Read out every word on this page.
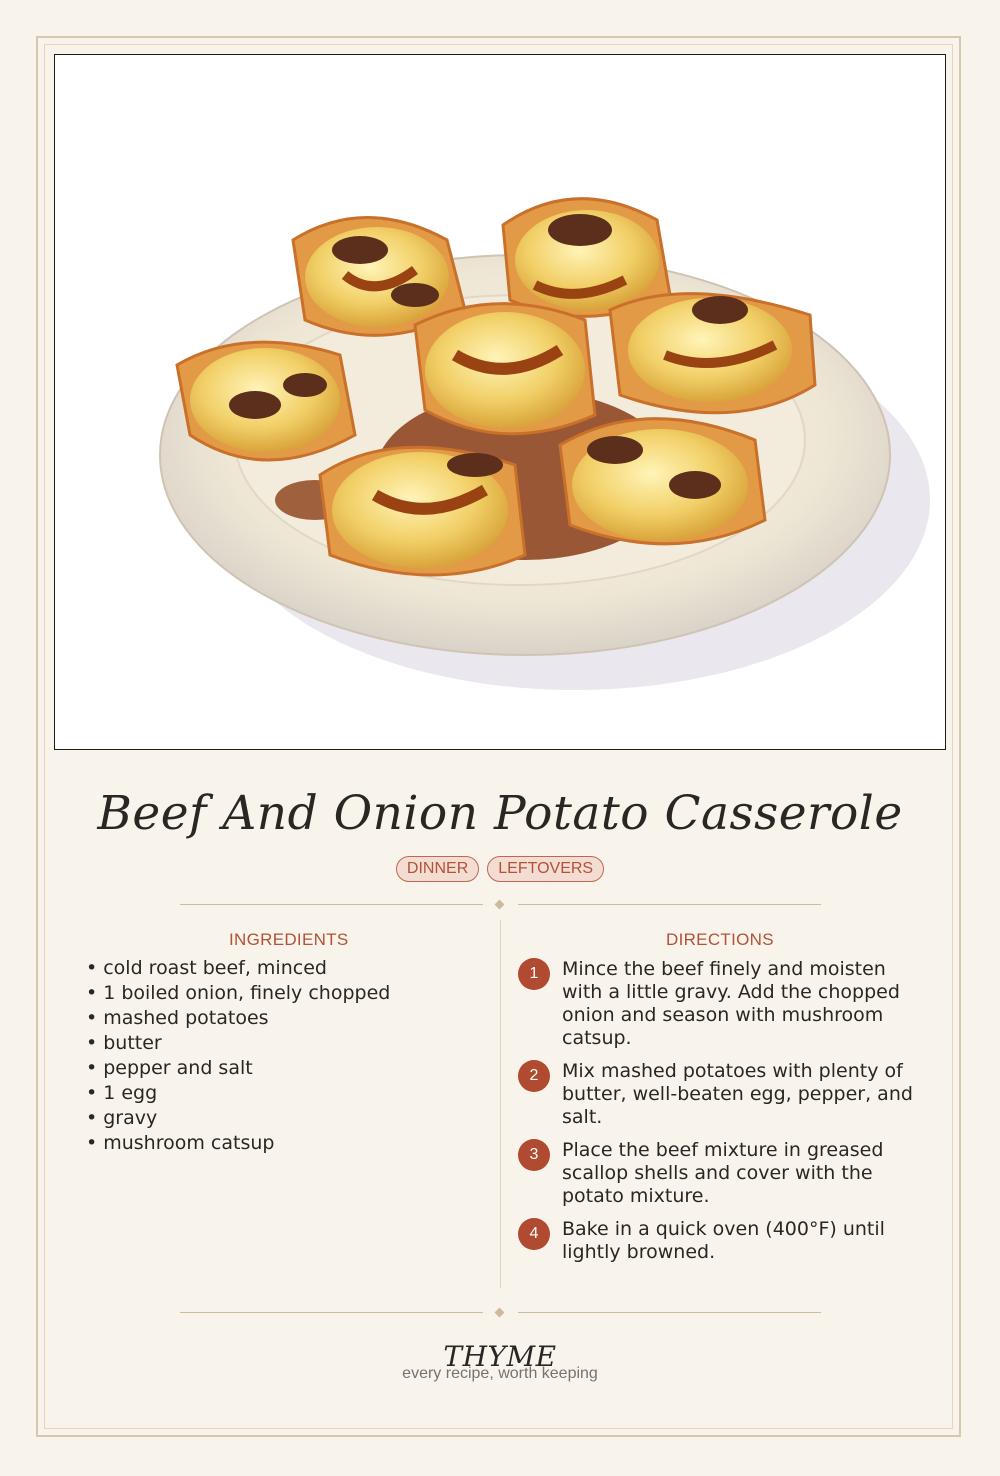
Beef And Onion Potato Casserole
DINNER	LEFTOVERS
INGREDIENTS
• cold roast beef, minced
• 1 boiled onion, finely chopped
• mashed potatoes
• butter
• pepper and salt
• 1 egg
• gravy
• mushroom catsup
DIRECTIONS
1	Mince the beef finely and moisten with a little gravy. Add the chopped onion and season with mushroom catsup.
2	Mix mashed potatoes with plenty of butter, well-beaten egg, pepper, and salt.
3	Place the beef mixture in greased scallop shells and cover with the potato mixture.
4	Bake in a quick oven (400°F) until lightly browned.
THYME
every recipe, worth keeping
